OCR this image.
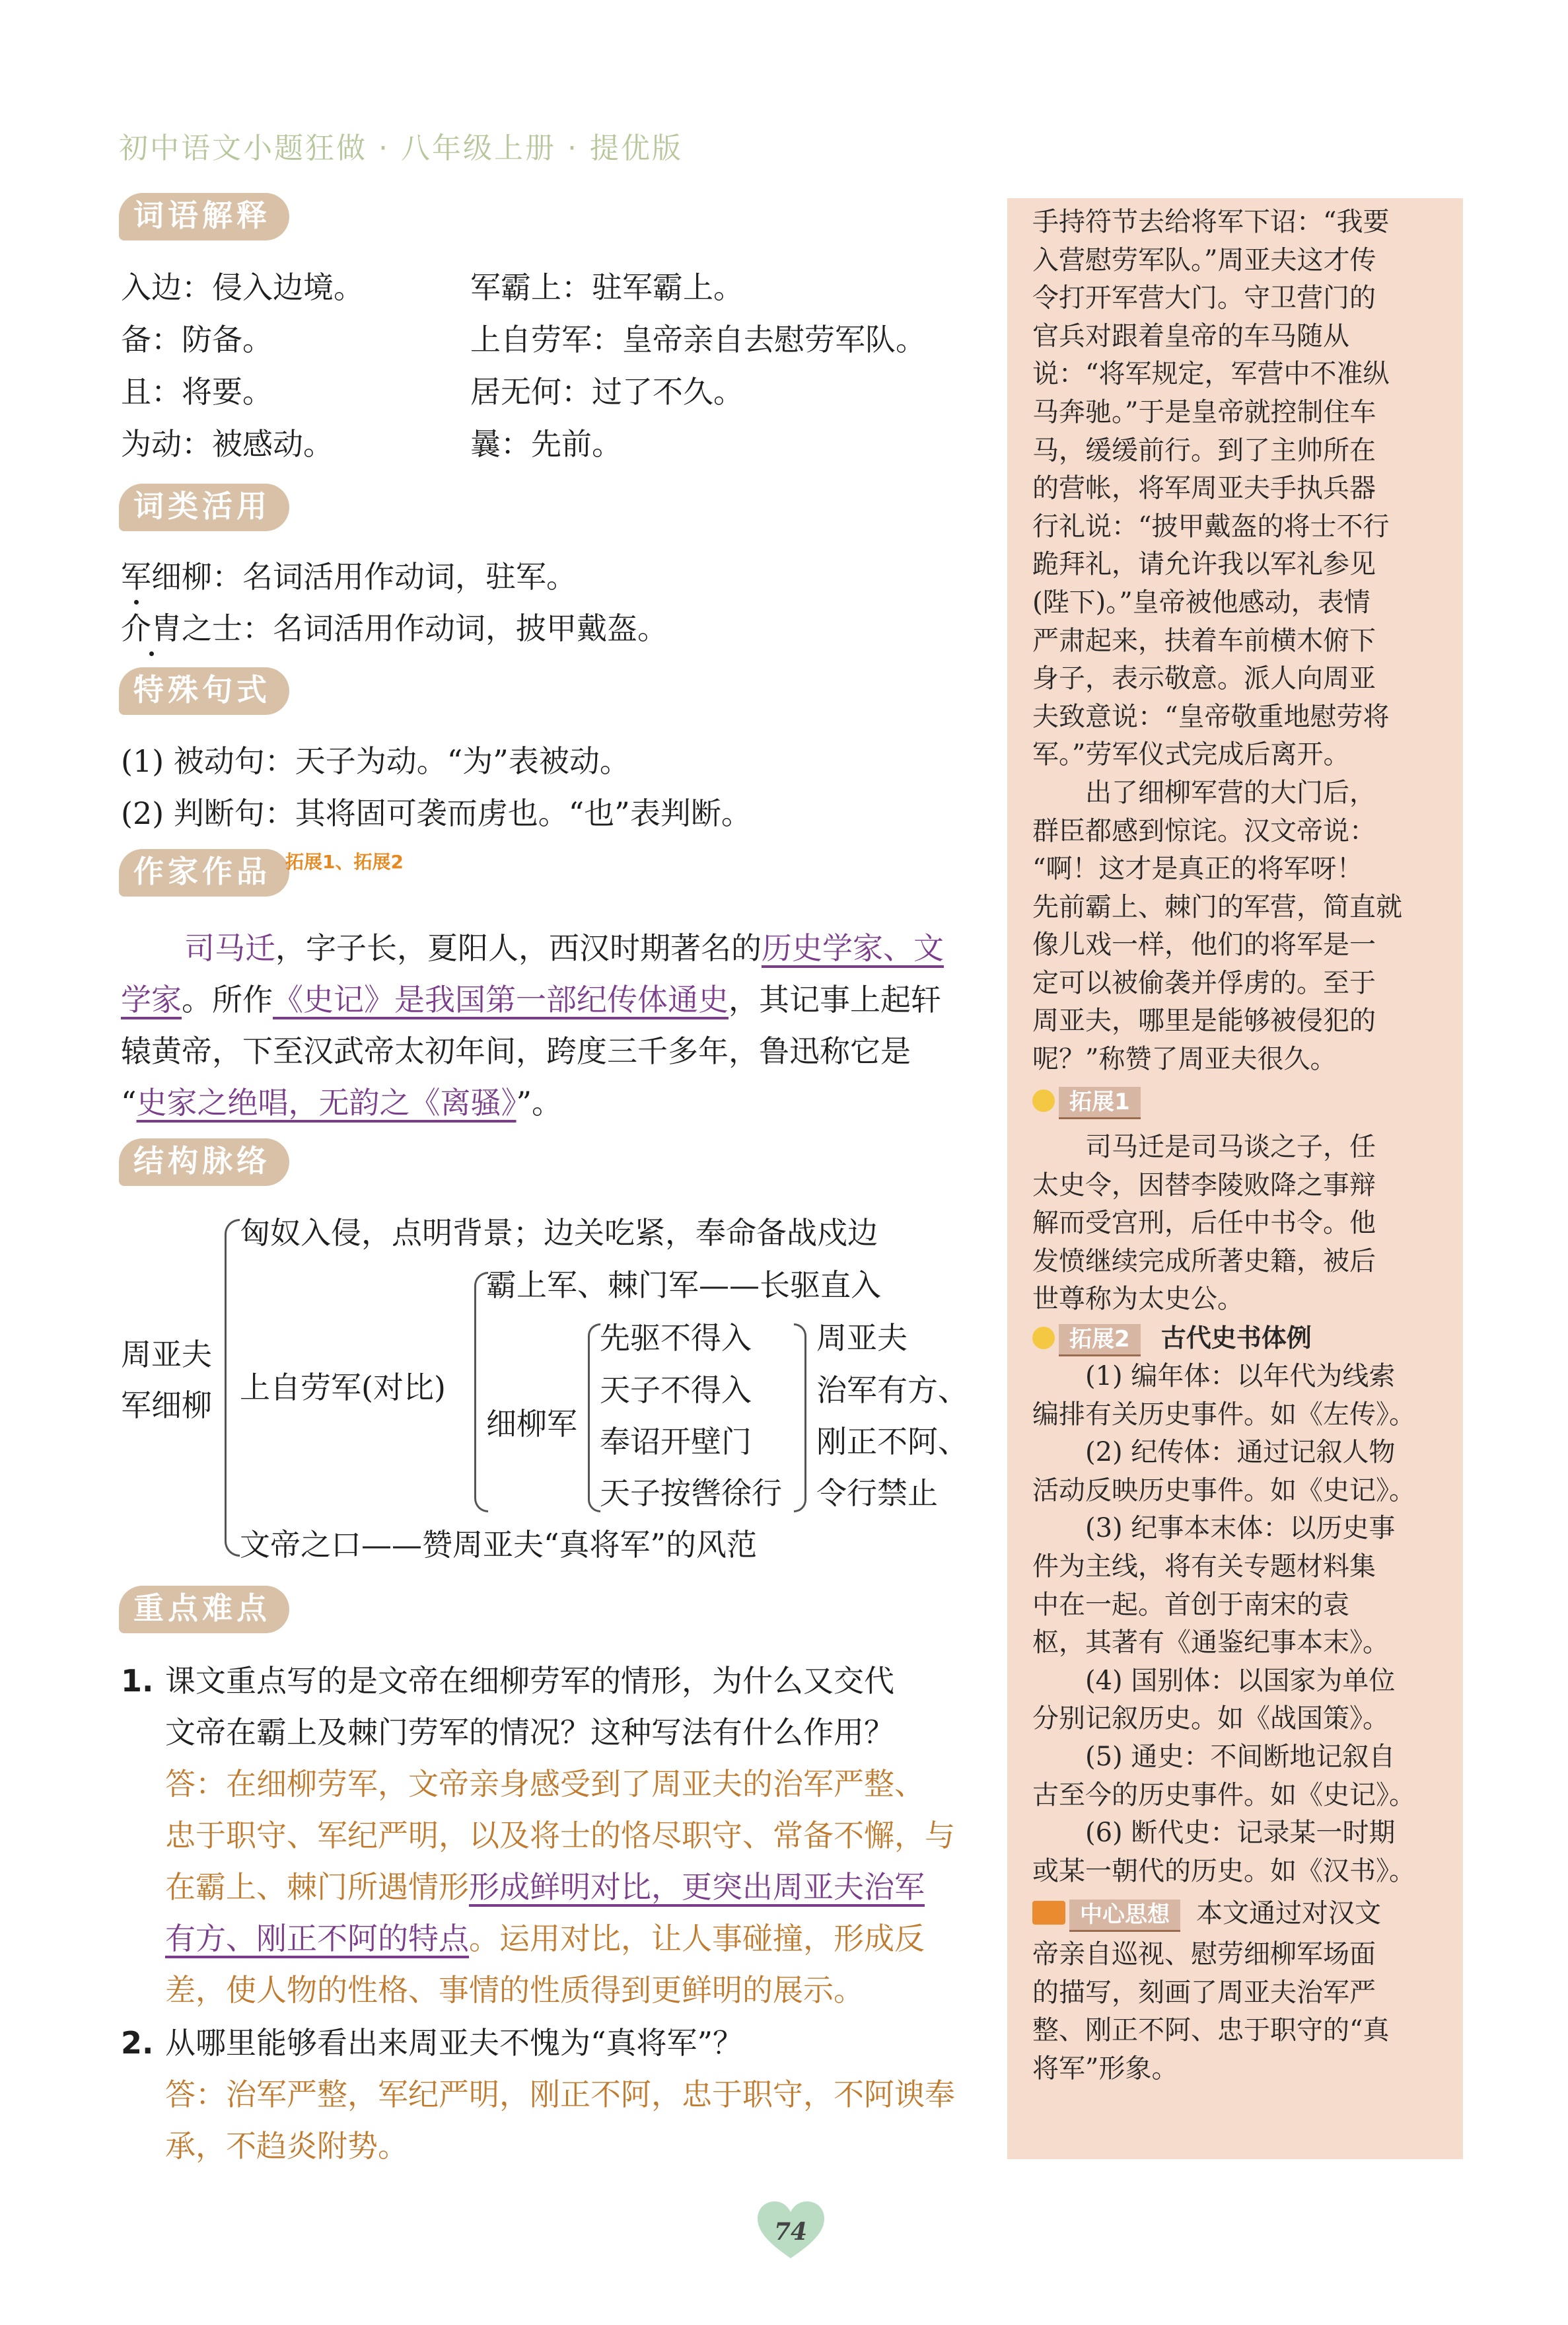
初中语文小题狂做 · 八年级上册 · 提优版
词语解释
入边：侵入边境。	军霸上：驻军霸上。
备：防备。	上自劳军：皇帝亲自去慰劳军队。
且：将要。	居无何：过了不久。
为动：被感动。	曩：先前。
词类活用
军细柳：名词活用作动词，驻军。
介胄之士：名词活用作动词，披甲戴盔。
特殊句式
(1) 被动句：天子为动。“为”表被动。
(2) 判断句：其将固可袭而虏也。“也”表判断。
作家作品 拓展1、拓展2
司马迁，字子长，夏阳人，西汉时期著名的历史学家、文
学家。所作《史记》是我国第一部纪传体通史，其记事上起轩
辕黄帝，下至汉武帝太初年间，跨度三千多年，鲁迅称它是
“史家之绝唱，无韵之《离骚》”。
结构脉络
周亚夫
军细柳
匈奴入侵，点明背景；边关吃紧，奉命备战戍边
上自劳军(对比)
霸上军、棘门军——长驱直入
细柳军
先驱不得入
天子不得入
奉诏开壁门
天子按辔徐行
周亚夫
治军有方、
刚正不阿、
令行禁止
文帝之口——赞周亚夫“真将军”的风范
重点难点
1. 课文重点写的是文帝在细柳劳军的情形，为什么又交代
文帝在霸上及棘门劳军的情况？这种写法有什么作用？
答：在细柳劳军，文帝亲身感受到了周亚夫的治军严整、
忠于职守、军纪严明，以及将士的恪尽职守、常备不懈，与
在霸上、棘门所遇情形形成鲜明对比，更突出周亚夫治军
有方、刚正不阿的特点。运用对比，让人事碰撞，形成反
差，使人物的性格、事情的性质得到更鲜明的展示。
2. 从哪里能够看出来周亚夫不愧为“真将军”？
答：治军严整，军纪严明，刚正不阿，忠于职守，不阿谀奉
承，不趋炎附势。
手持符节去给将军下诏：“我要
入营慰劳军队。”周亚夫这才传
令打开军营大门。守卫营门的
官兵对跟着皇帝的车马随从
说：“将军规定，军营中不准纵
马奔驰。”于是皇帝就控制住车
马，缓缓前行。到了主帅所在
的营帐，将军周亚夫手执兵器
行礼说：“披甲戴盔的将士不行
跪拜礼，请允许我以军礼参见
(陛下)。”皇帝被他感动，表情
严肃起来，扶着车前横木俯下
身子，表示敬意。派人向周亚
夫致意说：“皇帝敬重地慰劳将
军。”劳军仪式完成后离开。
　　出了细柳军营的大门后，
群臣都感到惊诧。汉文帝说：
“啊！这才是真正的将军呀！
先前霸上、棘门的军营，简直就
像儿戏一样，他们的将军是一
定可以被偷袭并俘虏的。至于
周亚夫，哪里是能够被侵犯的
呢？”称赞了周亚夫很久。
拓展1
　　司马迁是司马谈之子，任
太史令，因替李陵败降之事辩
解而受宫刑，后任中书令。他
发愤继续完成所著史籍，被后
世尊称为太史公。
拓展2 古代史书体例
　　(1) 编年体：以年代为线索
编排有关历史事件。如《左传》。
　　(2) 纪传体：通过记叙人物
活动反映历史事件。如《史记》。
　　(3) 纪事本末体：以历史事
件为主线，将有关专题材料集
中在一起。首创于南宋的袁
枢，其著有《通鉴纪事本末》。
　　(4) 国别体：以国家为单位
分别记叙历史。如《战国策》。
　　(5) 通史：不间断地记叙自
古至今的历史事件。如《史记》。
　　(6) 断代史：记录某一时期
或某一朝代的历史。如《汉书》。
中心思想 本文通过对汉文
帝亲自巡视、慰劳细柳军场面
的描写，刻画了周亚夫治军严
整、刚正不阿、忠于职守的“真
将军”形象。
74
